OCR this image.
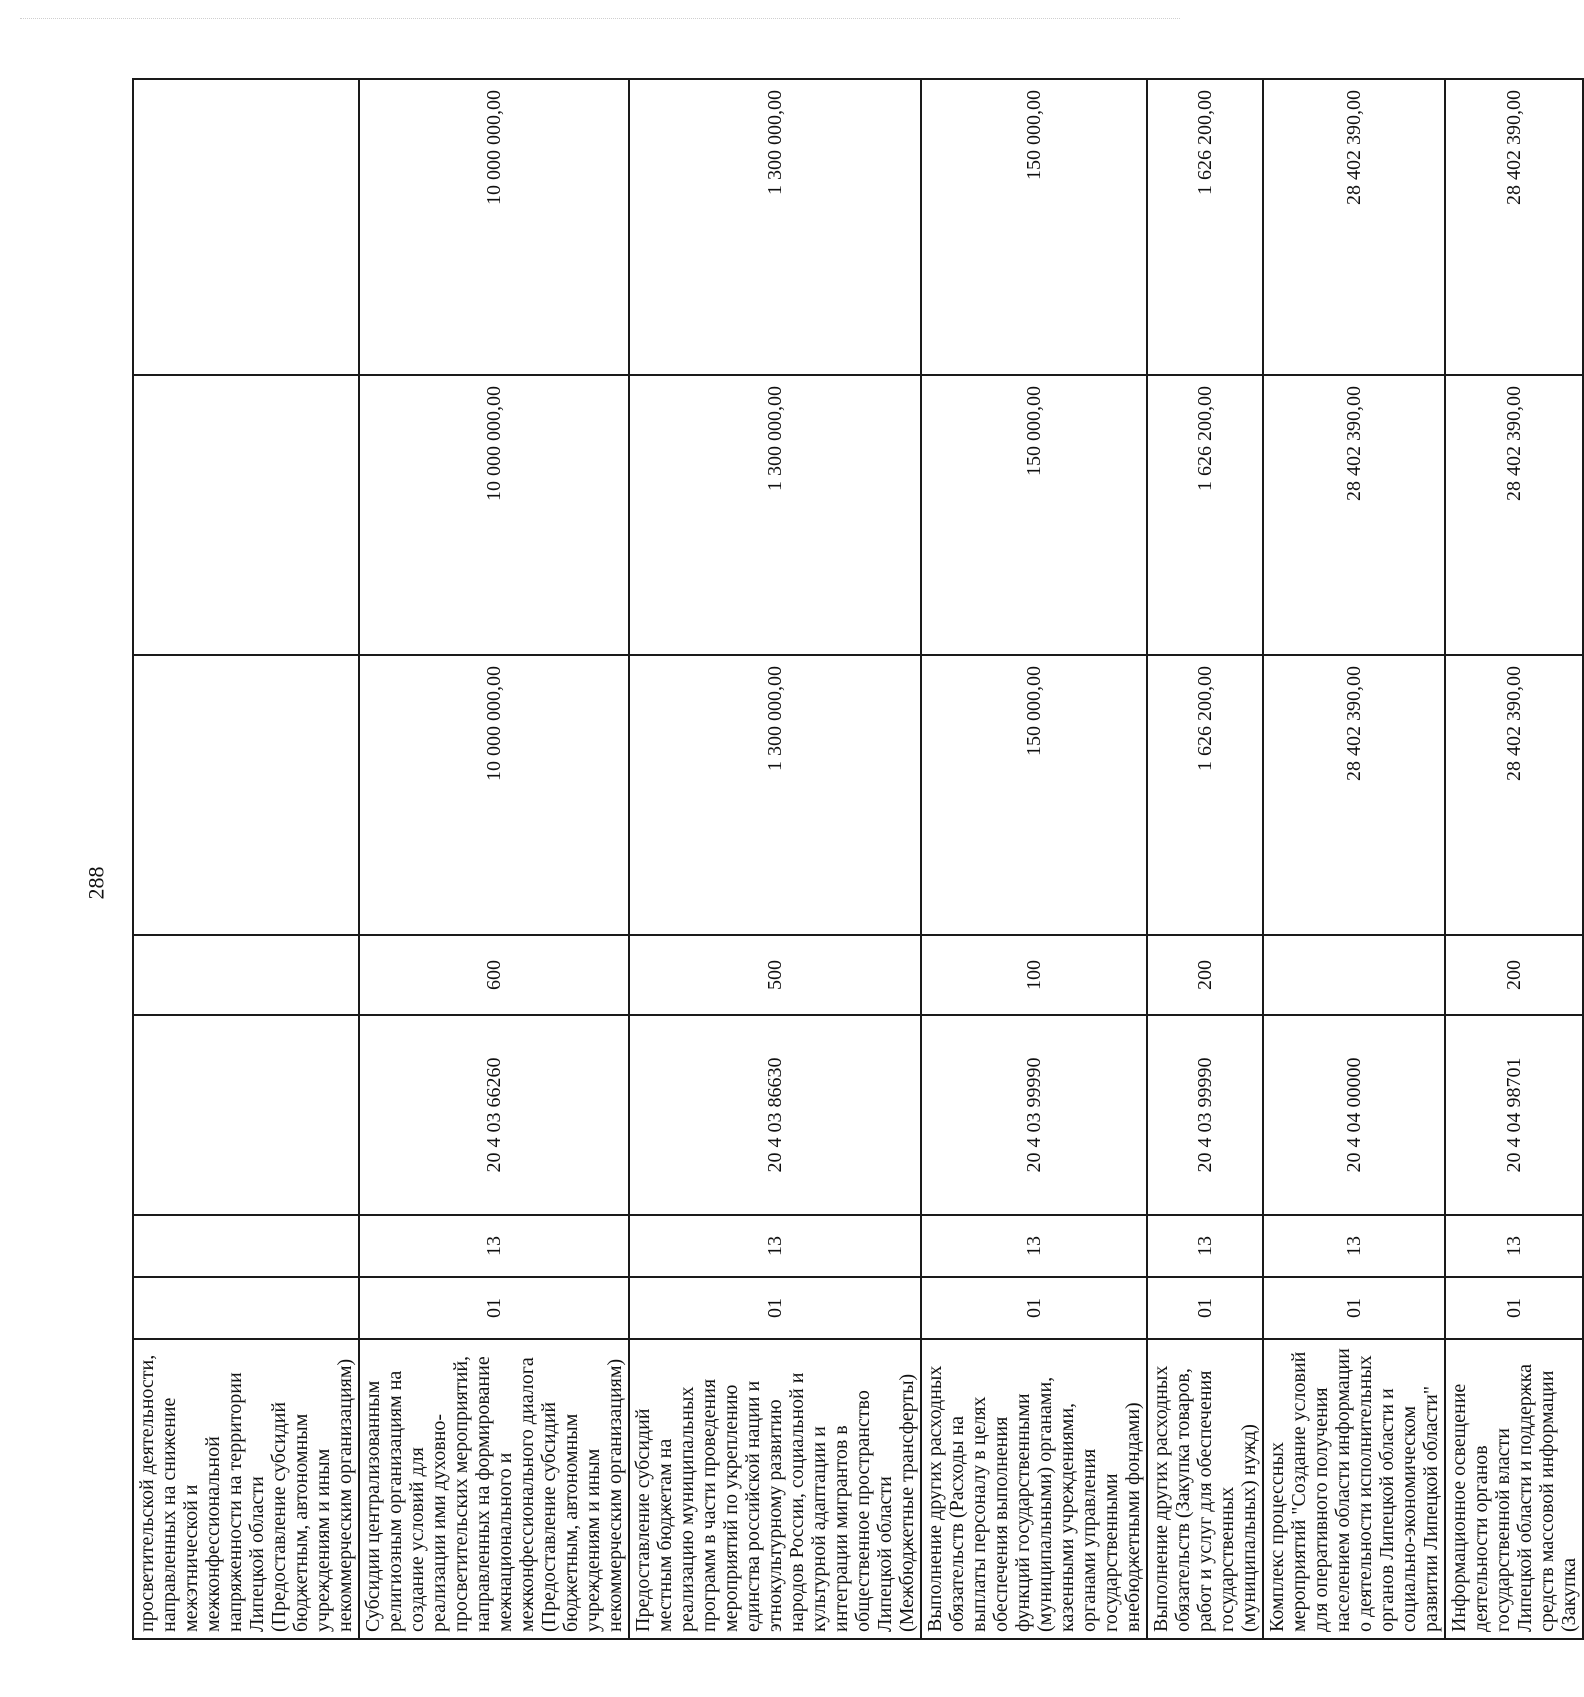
288
просветительской деятельности, направленных на снижение межэтнической и межконфессиональной напряженности на территории Липецкой области (Предоставление субсидий бюджетным, автономным учреждениям и иным некоммерческим организациям)							
Субсидии централизованным религиозным организациям на создание условий для реализации ими духовно-просветительских мероприятий, направленных на формирование межнационального и межконфессионального диалога (Предоставление субсидий бюджетным, автономным учреждениям и иным некоммерческим организациям)	01	13	20 4 03 66260	600	10 000 000,00	10 000 000,00	10 000 000,00
Предоставление субсидий местным бюджетам на реализацию муниципальных программ в части проведения мероприятий по укреплению единства российской нации и этнокультурному развитию народов России, социальной и культурной адаптации и интеграции мигрантов в общественное пространство Липецкой области (Межбюджетные трансферты)	01	13	20 4 03 86630	500	1 300 000,00	1 300 000,00	1 300 000,00
Выполнение других расходных обязательств (Расходы на выплаты персоналу в целях обеспечения выполнения функций государственными (муниципальными) органами, казенными учреждениями, органами управления государственными внебюджетными фондами)	01	13	20 4 03 99990	100	150 000,00	150 000,00	150 000,00
Выполнение других расходных обязательств (Закупка товаров, работ и услуг для обеспечения государственных (муниципальных) нужд)	01	13	20 4 03 99990	200	1 626 200,00	1 626 200,00	1 626 200,00
Комплекс процессных мероприятий "Создание условий для оперативного получения населением области информации о деятельности исполнительных органов Липецкой области и социально-экономическом развитии Липецкой области"	01	13	20 4 04 00000		28 402 390,00	28 402 390,00	28 402 390,00
Информационное освещение деятельности органов государственной власти Липецкой области и поддержка средств массовой информации (Закупка	01	13	20 4 04 98701	200	28 402 390,00	28 402 390,00	28 402 390,00
